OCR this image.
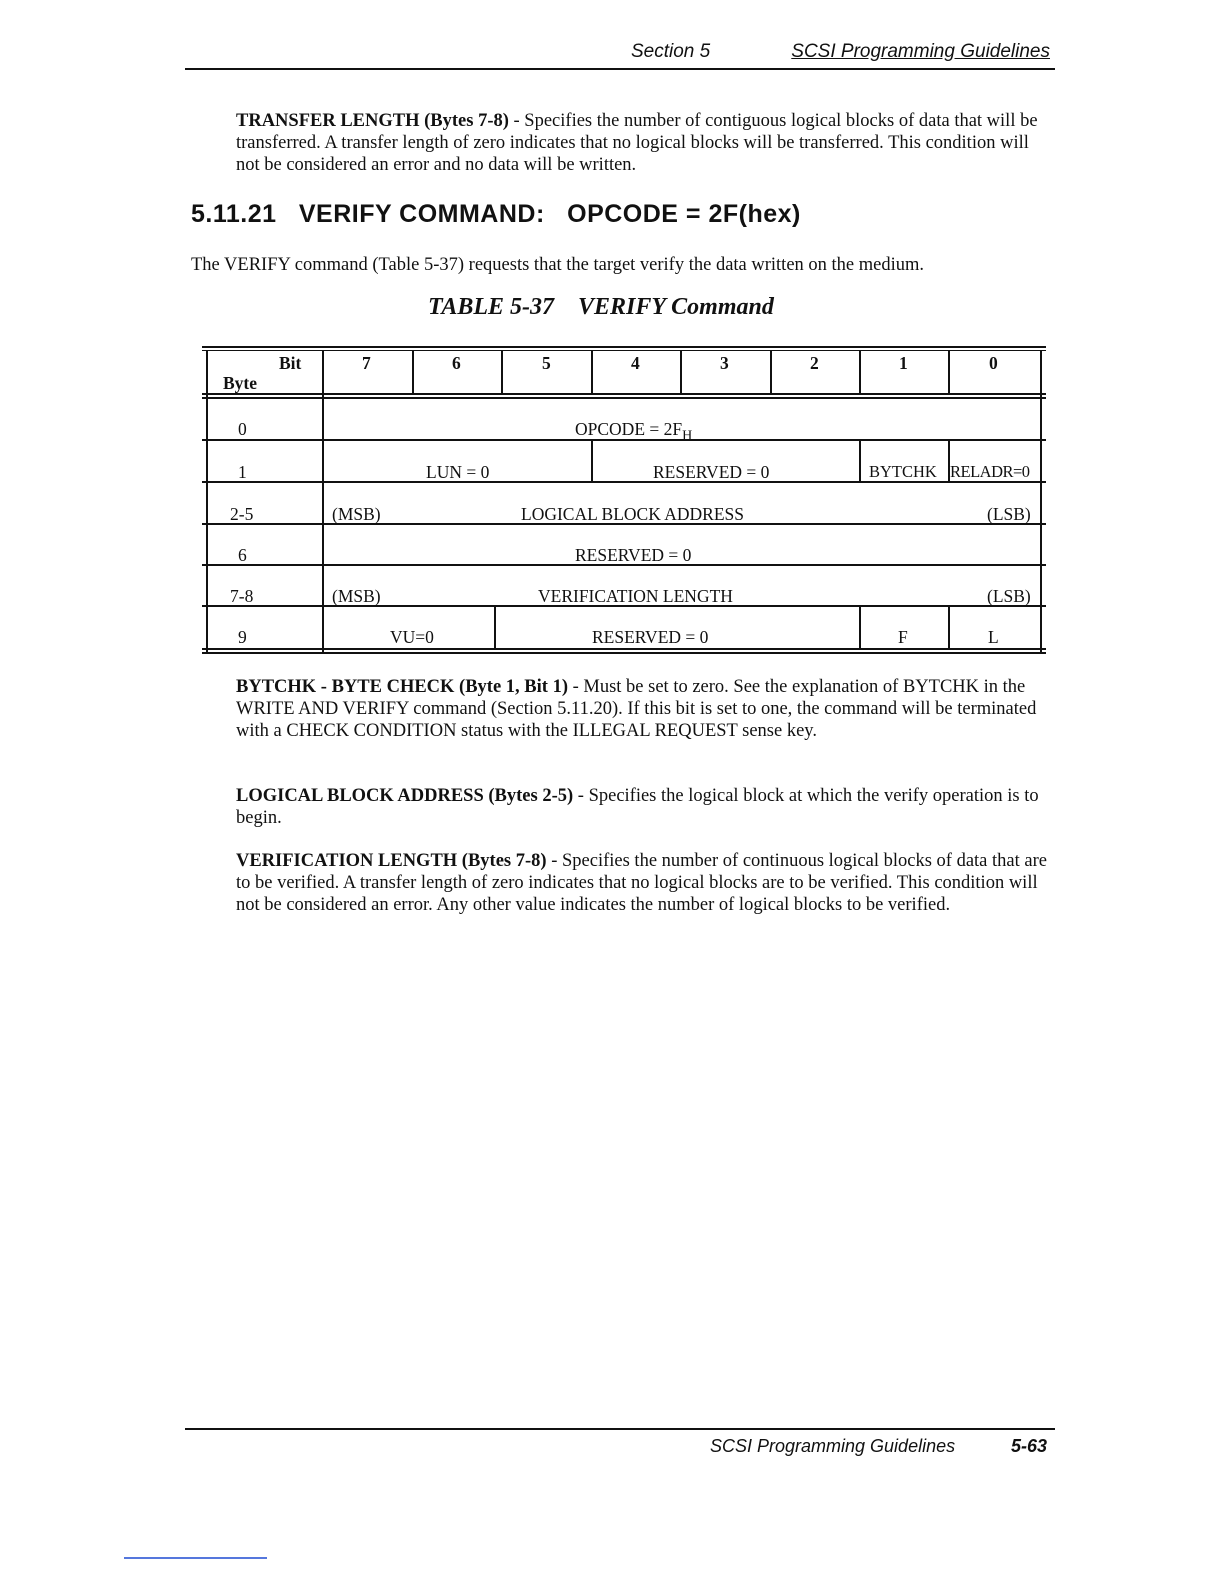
Section 5	SCSI Programming Guidelines
TRANSFER LENGTH (Bytes 7-8) - Specifies the number of contiguous logical blocks of data that will be transferred. A transfer length of zero indicates that no logical blocks will be transferred. This condition will not be considered an error and no data will be written.
5.11.21   VERIFY COMMAND:   OPCODE = 2F(hex)
The VERIFY command (Table 5-37) requests that the target verify the data written on the medium.
TABLE 5-37    VERIFY Command
Bit
Byte
7	6	5	4	3	2	1	0
0	OPCODE = $2F_H$
1	LUN = 0	RESERVED = 0	BYTCHK RELADR=0
2-5	(MSB)	LOGICAL BLOCK ADDRESS	(LSB)
6	RESERVED = 0
7-8	(MSB)	VERIFICATION LENGTH	(LSB)
9	VU=0	RESERVED = 0	F	L
BYTCHK - BYTE CHECK (Byte 1, Bit 1) - Must be set to zero. See the explanation of BYTCHK in the WRITE AND VERIFY command (Section 5.11.20). If this bit is set to one, the command will be terminated with a CHECK CONDITION status with the ILLEGAL REQUEST sense key.
LOGICAL BLOCK ADDRESS (Bytes 2-5) - Specifies the logical block at which the verify operation is to begin.
VERIFICATION LENGTH (Bytes 7-8) - Specifies the number of continuous logical blocks of data that are to be verified. A transfer length of zero indicates that no logical blocks are to be verified. This condition will not be considered an error. Any other value indicates the number of logical blocks to be verified.
SCSI Programming Guidelines	5-63
